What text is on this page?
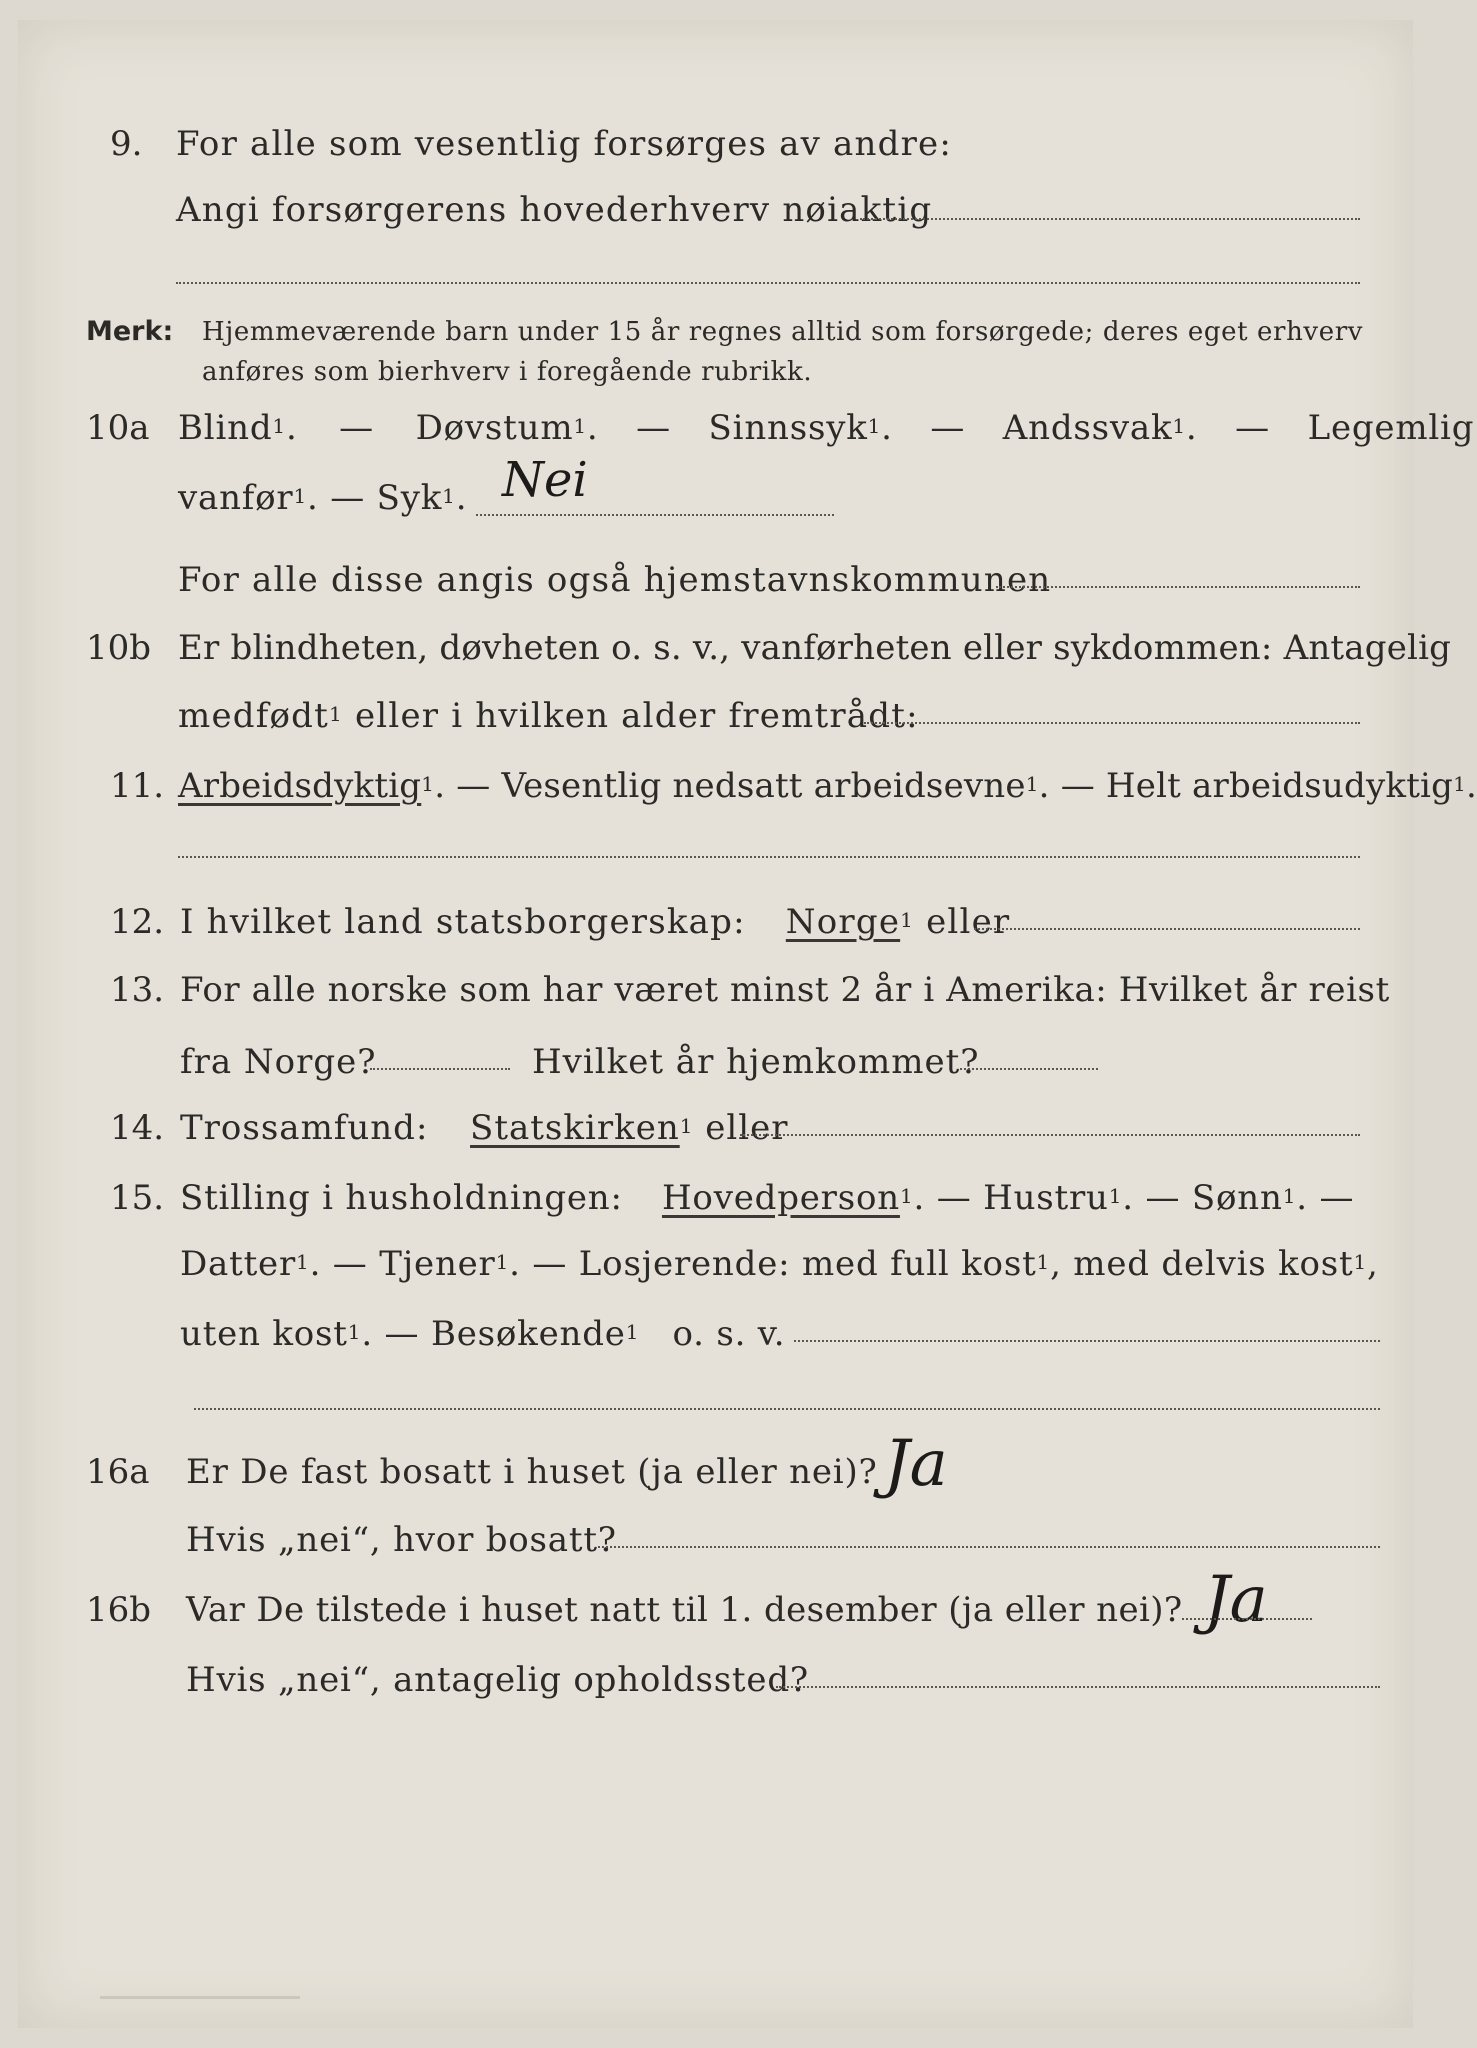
9. For alle som vesentlig forsørges av andre:
Angi forsørgerens hovederhverv nøiaktig
Merk: Hjemmeværende barn under 15 år regnes alltid som forsørgede; deres eget erhverv
anføres som bierhverv i foregående rubrikk.
10a Blind$^1$. — Døvstum$^1$. — Sinnssyk$^1$. — Andssvak$^1$. — Legemlig
vanfør$^1$. — Syk$^1$. Nei
For alle disse angis også hjemstavnskommunen
10b Er blindheten, døvheten o. s. v., vanførheten eller sykdommen: Antagelig
medfødt$^1$ eller i hvilken alder fremtrådt:
11. Arbeidsdyktig$^1$. — Vesentlig nedsatt arbeidsevne$^1$. — Helt arbeidsudyktig$^1$.
12. I hvilket land statsborgerskap: Norge$^1$ eller
13. For alle norske som har været minst 2 år i Amerika: Hvilket år reist
fra Norge?	Hvilket år hjemkommet?
14. Trossamfund: Statskirken$^1$ eller
15. Stilling i husholdningen: Hovedperson$^1$. — Hustru$^1$. — Sønn$^1$. —
Datter$^1$. — Tjener$^1$. — Losjerende: med full kost$^1$, med delvis kost$^1$,
uten kost$^1$. — Besøkende$^1$ o. s. v.
16a Er De fast bosatt i huset (ja eller nei)? Ja
Hvis „nei“, hvor bosatt?
16b Var De tilstede i huset natt til 1. desember (ja eller nei)? Ja
Hvis „nei“, antagelig opholdssted?
